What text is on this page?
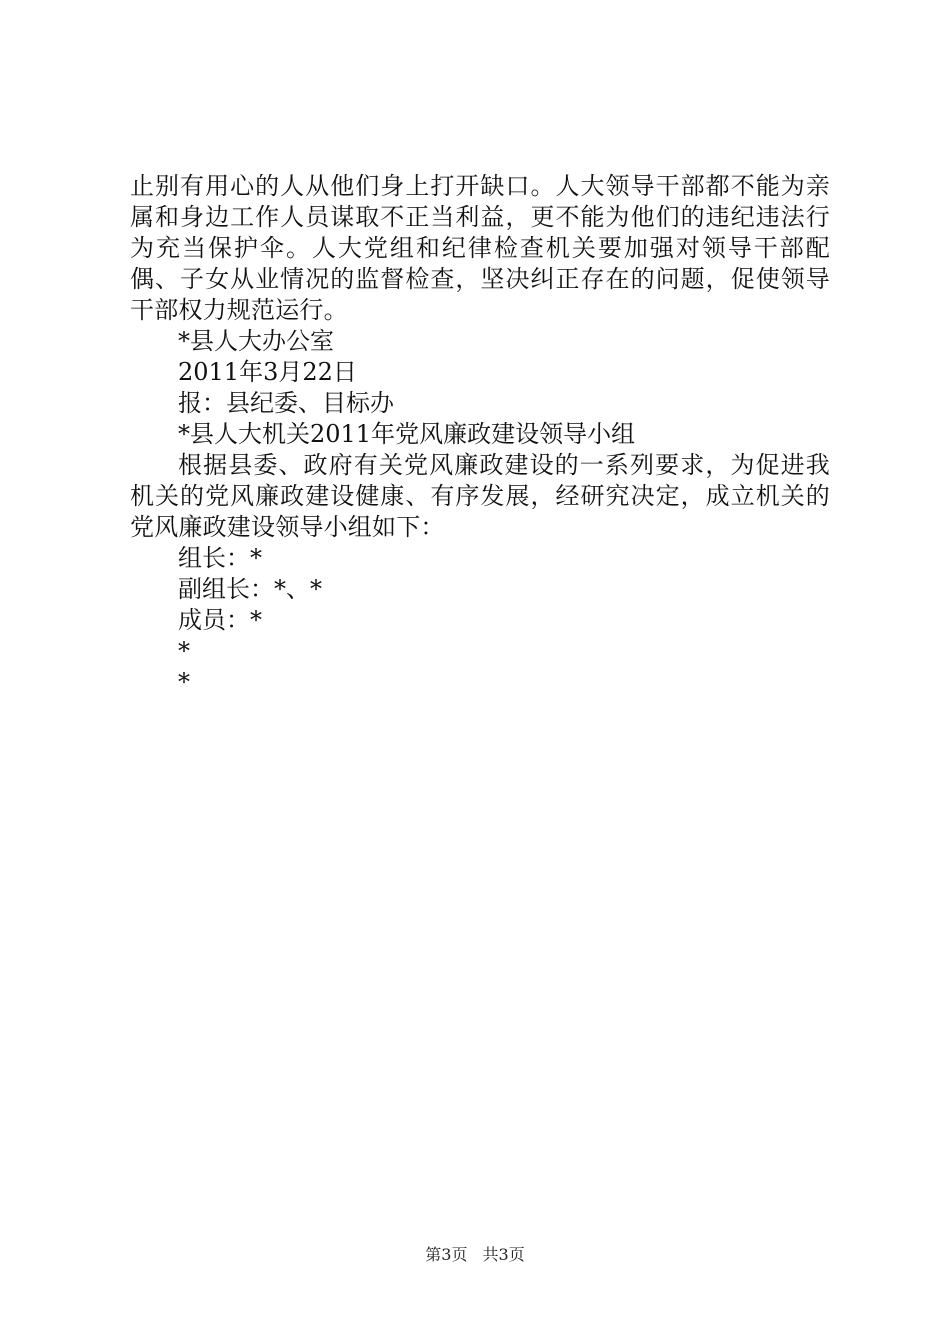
止别有用心的人从他们身上打开缺口。人大领导干部都不能为亲属和身边工作人员谋取不正当利益，更不能为他们的违纪违法行为充当保护伞。人大党组和纪律检查机关要加强对领导干部配偶、子女从业情况的监督检查，坚决纠正存在的问题，促使领导干部权力规范运行。

*县人大办公室

2011年3月22日

报：县纪委、目标办

*县人大机关2011年党风廉政建设领导小组

根据县委、政府有关党风廉政建设的一系列要求，为促进我机关的党风廉政建设健康、有序发展，经研究决定，成立机关的党风廉政建设领导小组如下：

组长：*

副组长：*、*

成员：*

*

*

第3页 共3页
